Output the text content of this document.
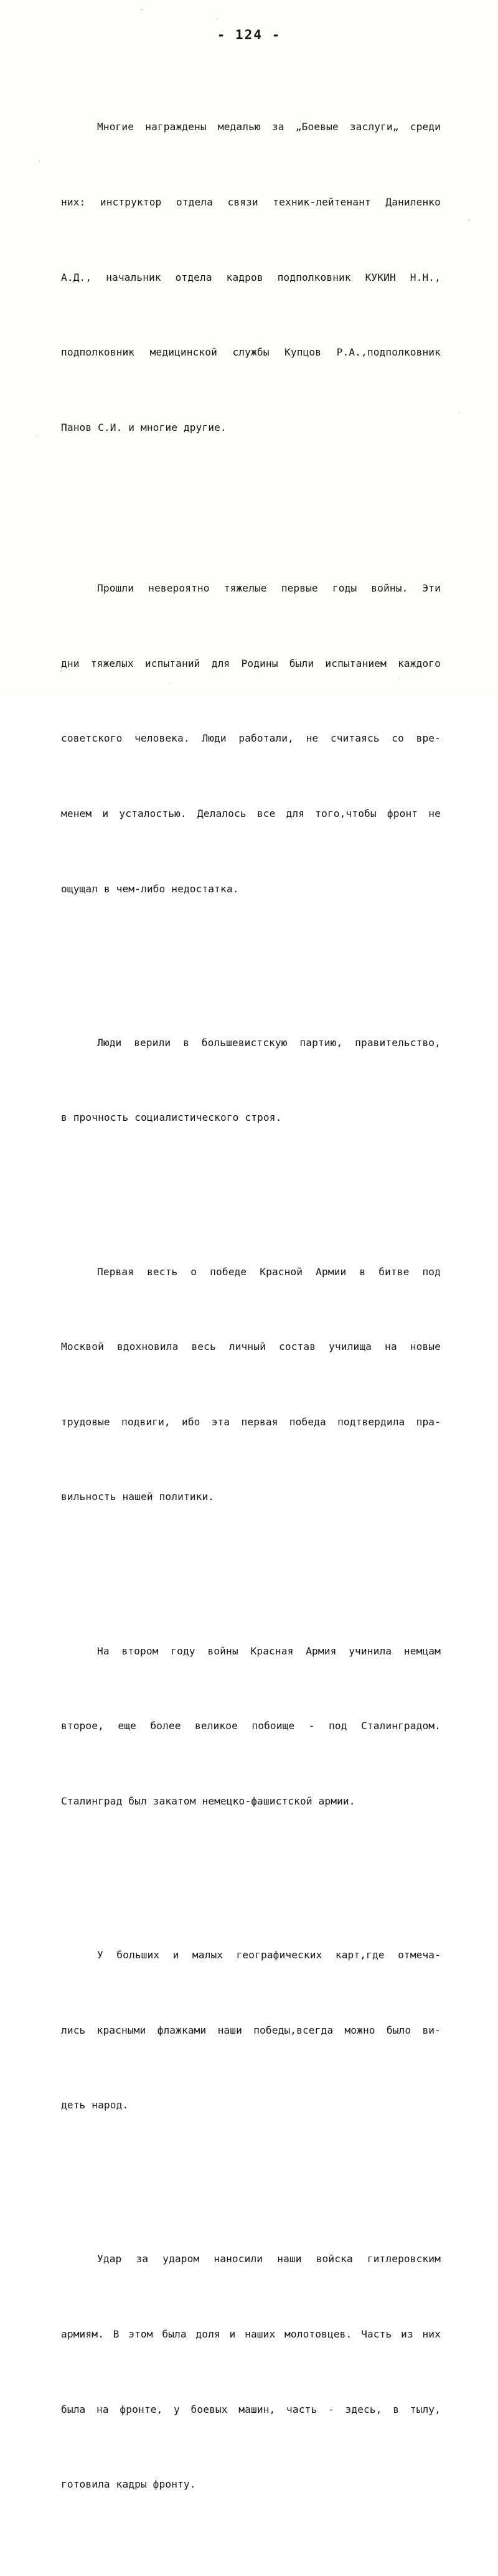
- 124 -

Многие награждены медалью за „Боевые заслуги„ среди

них: инструктор отдела связи техник-лейтенант Даниленко

А.Д., начальник отдела кадров подполковник КУКИН Н.Н.,

подполковник медицинской службы Купцов Р.А.,подполковник

Панов С.И. и многие другие.

Прошли невероятно тяжелые первые годы войны. Эти

дни тяжелых испытаний для Родины были испытанием каждого

советского человека. Люди работали, не считаясь со вре-

менем и усталостью. Делалось все для того,чтобы фронт не

ощущал в чем-либо недостатка.

Люди верили в большевистскую партию, правительство,

в прочность социалистического строя.

Первая весть о победе Красной Армии в битве под

Москвой вдохновила весь личный состав училища на новые

трудовые подвиги, ибо эта первая победа подтвердила пра-

вильность нашей политики.

На втором году войны Красная Армия учинила немцам

второе, еще более великое побоище - под Сталинградом.

Сталинград был закатом немецко-фашистской армии.

У больших и малых географических карт,где отмеча-

лись красными флажками наши победы,всегда можно было ви-

деть народ.

Удар за ударом наносили наши войска гитлеровским

армиям. В этом была доля и наших молотовцев. Часть из них

была на фронте, у боевых машин, часть - здесь, в тылу,

готовила кадры фронту.
